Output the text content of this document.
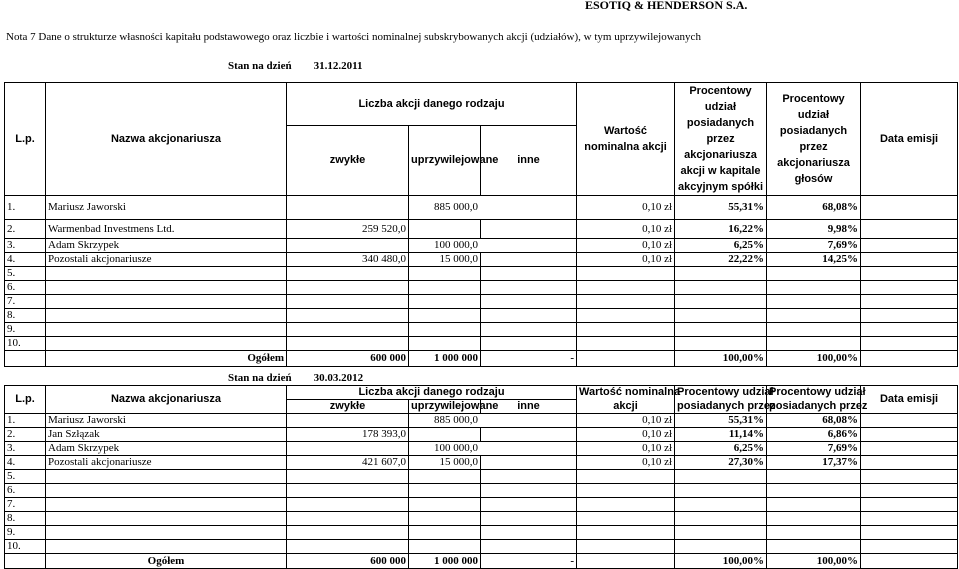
ESOTIQ & HENDERSON S.A.
Nota 7 Dane o strukturze własności kapitału podstawowego oraz liczbie i wartości nominalnej subskrybowanych akcji (udziałów), w tym uprzywilejowanych
Stan na dzień 31.12.2011
L.p.	Nazwa akcjonariusza	Liczba akcji danego rodzaju			Wartość nominalna akcji	Procentowy udział posiadanych przez akcjonariusza akcji w kapitale akcyjnym spółki	Procentowy udział posiadanych przez akcjonariusza głosów	Data emisji
		zwykłe	uprzywilejowane	inne				
1.	Mariusz Jaworski		885 000,0		0,10 zł	55,31%	68,08%	
2.	Warmenbad Investmens Ltd.	259 520,0			0,10 zł	16,22%	9,98%	
3.	Adam Skrzypek		100 000,0		0,10 zł	6,25%	7,69%	
4.	Pozostali akcjonariusze	340 480,0	15 000,0		0,10 zł	22,22%	14,25%	
5.								
6.								
7.								
8.								
9.								
10.								
	Ogółem	600 000	1 000 000	-		100,00%	100,00%	
Stan na dzień 30.03.2012
L.p.	Nazwa akcjonariusza	Liczba akcji danego rodzaju			Wartość nominalna	Procentowy udział	Procentowy udział	Data emisji
		zwykłe	uprzywilejowane	inne	akcji	posiadanych przez	posiadanych przez	
1.	Mariusz Jaworski		885 000,0		0,10 zł	55,31%	68,08%	
2.	Jan Szłązak	178 393,0			0,10 zł	11,14%	6,86%	
3.	Adam Skrzypek		100 000,0		0,10 zł	6,25%	7,69%	
4.	Pozostali akcjonariusze	421 607,0	15 000,0		0,10 zł	27,30%	17,37%	
5.								
6.								
7.								
8.								
9.								
10.								
	Ogółem	600 000	1 000 000	-		100,00%	100,00%	
